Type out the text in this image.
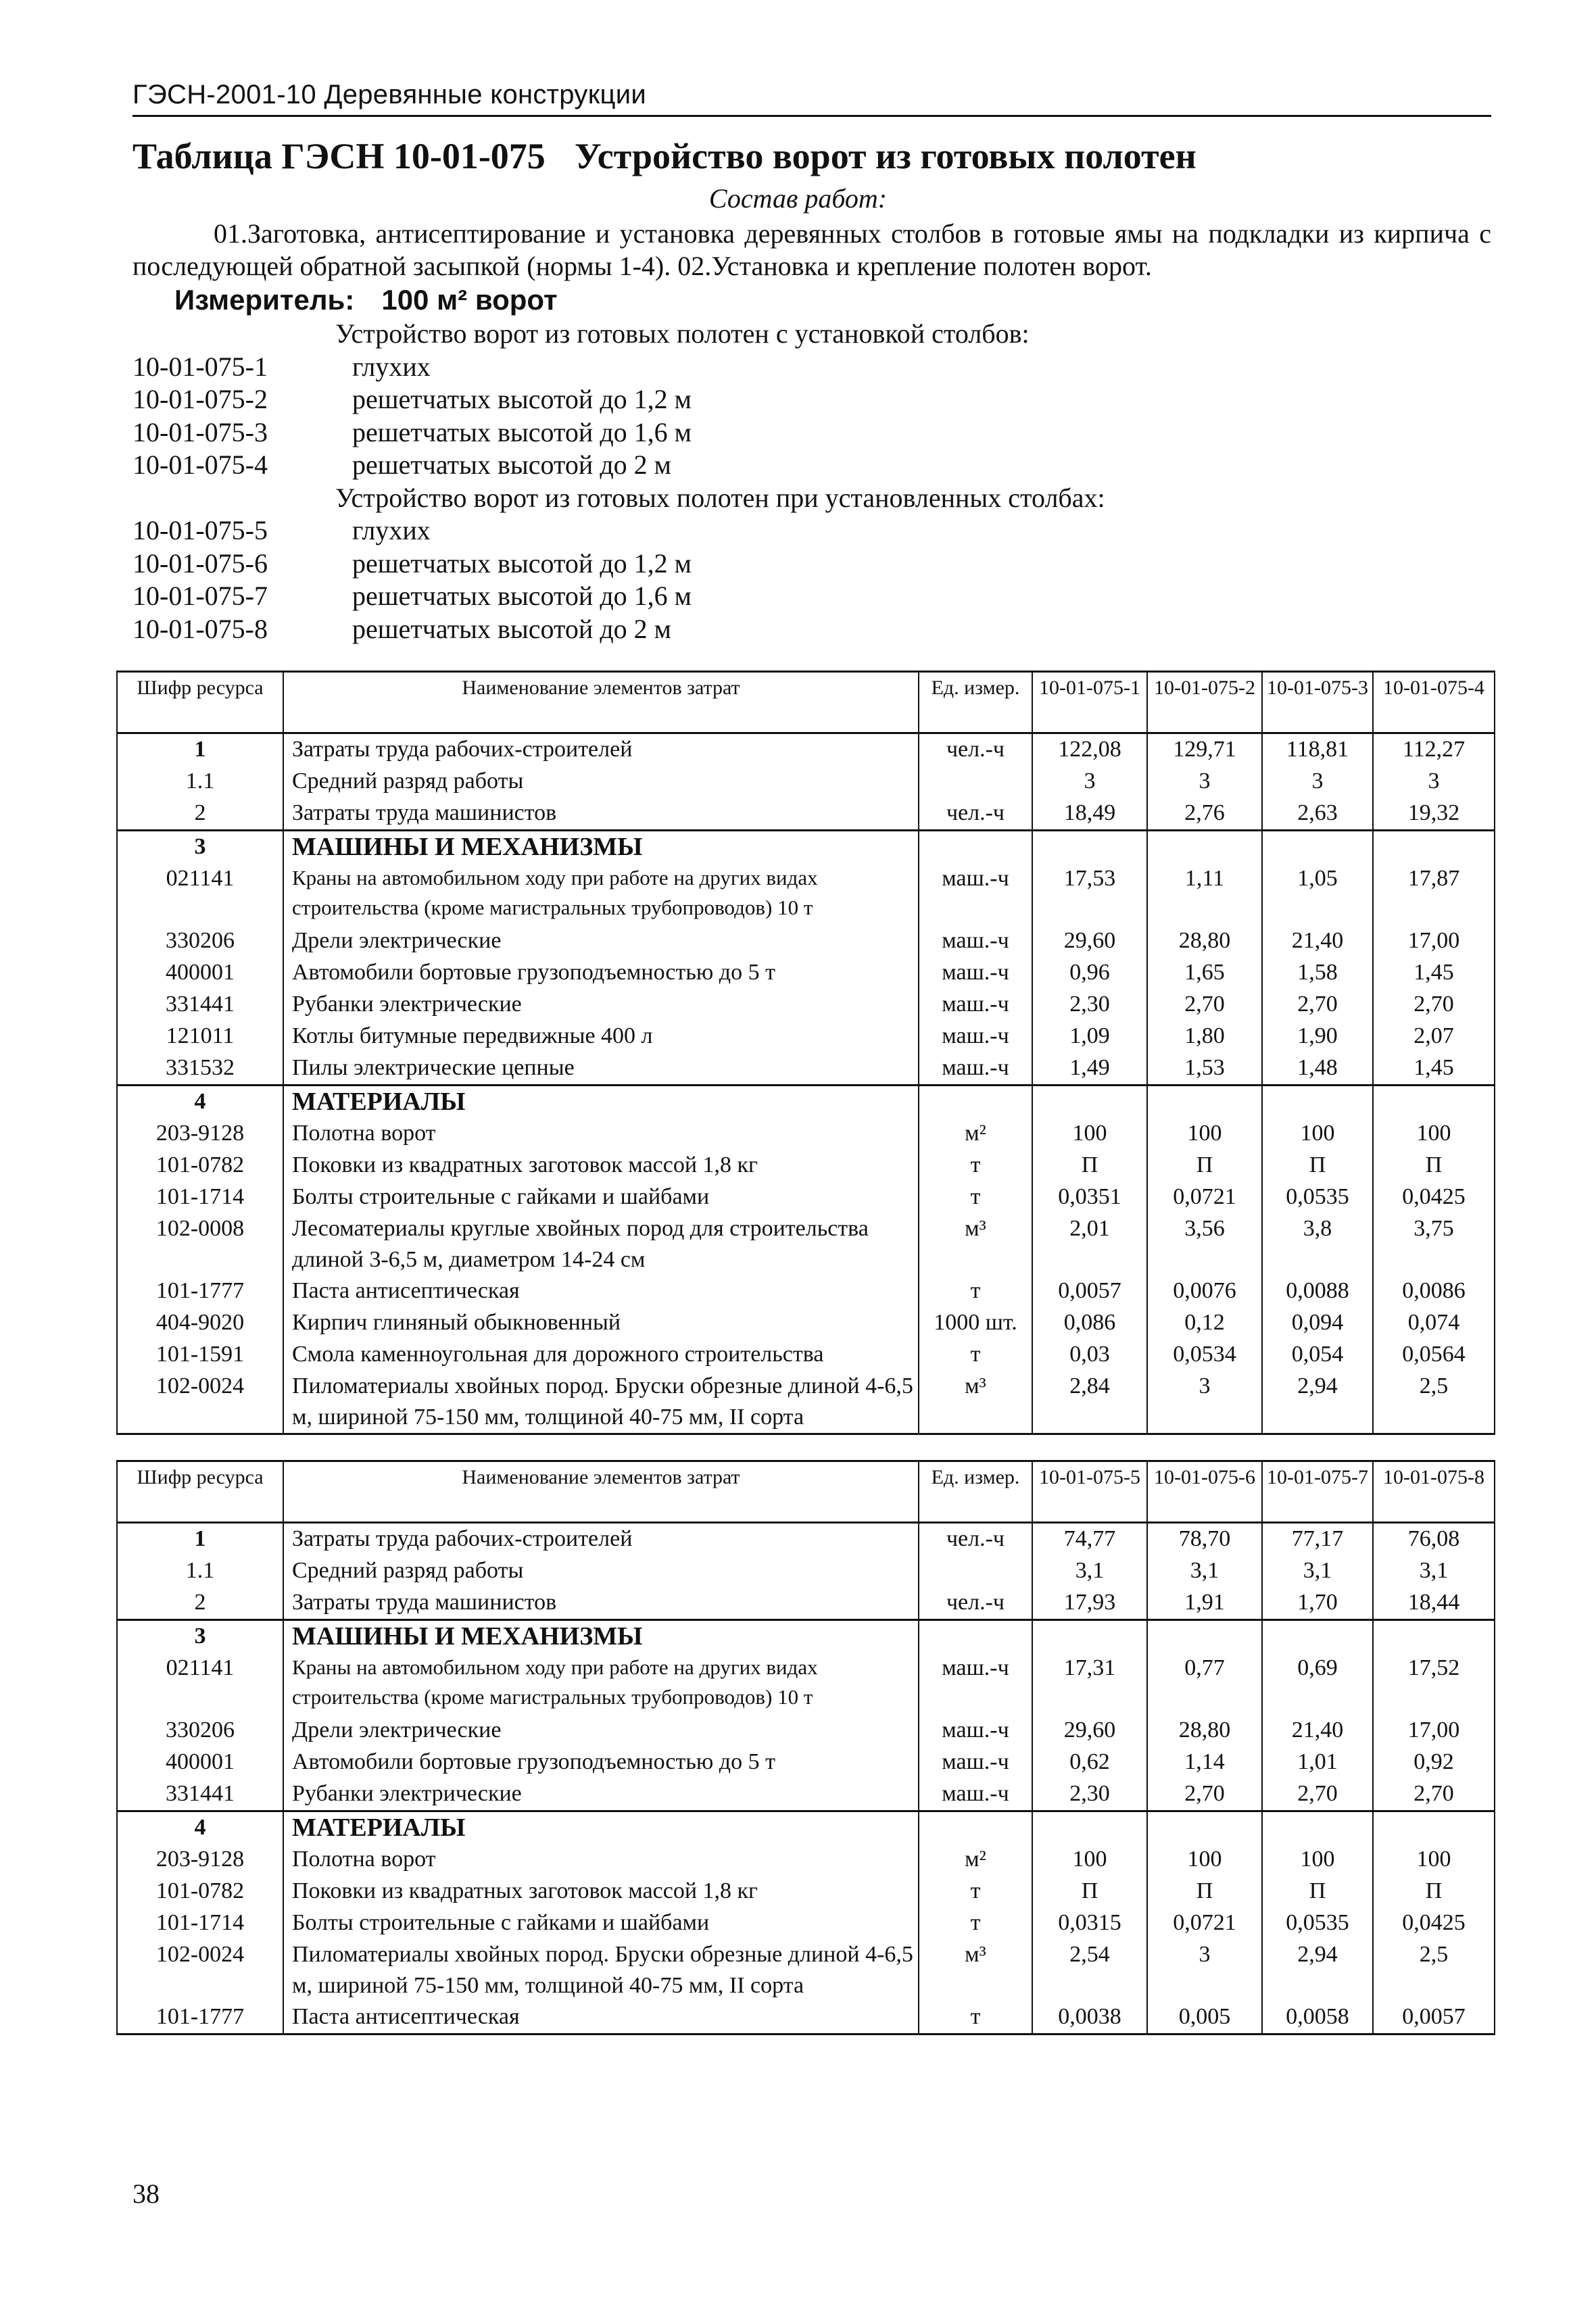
ГЭСН-2001-10 Деревянные конструкции
Таблица ГЭСН 10-01-075 Устройство ворот из готовых полотен
Состав работ:
01.Заготовка, антисептирование и установка деревянных столбов в готовые ямы на подкладки из кирпича с последующей обратной засыпкой (нормы 1-4). 02.Установка и крепление полотен ворот.
Измеритель: 100 м² ворот
Устройство ворот из готовых полотен с установкой столбов:
10-01-075-1	глухих
10-01-075-2	решетчатых высотой до 1,2 м
10-01-075-3	решетчатых высотой до 1,6 м
10-01-075-4	решетчатых высотой до 2 м
Устройство ворот из готовых полотен при установленных столбах:
10-01-075-5	глухих
10-01-075-6	решетчатых высотой до 1,2 м
10-01-075-7	решетчатых высотой до 1,6 м
10-01-075-8	решетчатых высотой до 2 м
Шифр ресурса	Наименование элементов затрат	Ед. измер.	10-01-075-1	10-01-075-2	10-01-075-3	10-01-075-4
1	Затраты труда рабочих-строителей	чел.-ч	122,08	129,71	118,81	112,27
1.1	Средний разряд работы		3	3	3	3
2	Затраты труда машинистов	чел.-ч	18,49	2,76	2,63	19,32
3	МАШИНЫ И МЕХАНИЗМЫ					
021141	Краны на автомобильном ходу при работе на других видах строительства (кроме магистральных трубопроводов) 10 т	маш.-ч	17,53	1,11	1,05	17,87
330206	Дрели электрические	маш.-ч	29,60	28,80	21,40	17,00
400001	Автомобили бортовые грузоподъемностью до 5 т	маш.-ч	0,96	1,65	1,58	1,45
331441	Рубанки электрические	маш.-ч	2,30	2,70	2,70	2,70
121011	Котлы битумные передвижные 400 л	маш.-ч	1,09	1,80	1,90	2,07
331532	Пилы электрические цепные	маш.-ч	1,49	1,53	1,48	1,45
4	МАТЕРИАЛЫ					
203-9128	Полотна ворот	м²	100	100	100	100
101-0782	Поковки из квадратных заготовок массой 1,8 кг	т	П	П	П	П
101-1714	Болты строительные с гайками и шайбами	т	0,0351	0,0721	0,0535	0,0425
102-0008	Лесоматериалы круглые хвойных пород для строительства длиной 3-6,5 м, диаметром 14-24 см	м³	2,01	3,56	3,8	3,75
101-1777	Паста антисептическая	т	0,0057	0,0076	0,0088	0,0086
404-9020	Кирпич глиняный обыкновенный	1000 шт.	0,086	0,12	0,094	0,074
101-1591	Смола каменноугольная для дорожного строительства	т	0,03	0,0534	0,054	0,0564
102-0024	Пиломатериалы хвойных пород. Бруски обрезные длиной 4-6,5 м, шириной 75-150 мм, толщиной 40-75 мм, II сорта	м³	2,84	3	2,94	2,5
Шифр ресурса	Наименование элементов затрат	Ед. измер.	10-01-075-5	10-01-075-6	10-01-075-7	10-01-075-8
1	Затраты труда рабочих-строителей	чел.-ч	74,77	78,70	77,17	76,08
1.1	Средний разряд работы		3,1	3,1	3,1	3,1
2	Затраты труда машинистов	чел.-ч	17,93	1,91	1,70	18,44
3	МАШИНЫ И МЕХАНИЗМЫ					
021141	Краны на автомобильном ходу при работе на других видах строительства (кроме магистральных трубопроводов) 10 т	маш.-ч	17,31	0,77	0,69	17,52
330206	Дрели электрические	маш.-ч	29,60	28,80	21,40	17,00
400001	Автомобили бортовые грузоподъемностью до 5 т	маш.-ч	0,62	1,14	1,01	0,92
331441	Рубанки электрические	маш.-ч	2,30	2,70	2,70	2,70
4	МАТЕРИАЛЫ					
203-9128	Полотна ворот	м²	100	100	100	100
101-0782	Поковки из квадратных заготовок массой 1,8 кг	т	П	П	П	П
101-1714	Болты строительные с гайками и шайбами	т	0,0315	0,0721	0,0535	0,0425
102-0024	Пиломатериалы хвойных пород. Бруски обрезные длиной 4-6,5 м, шириной 75-150 мм, толщиной 40-75 мм, II сорта	м³	2,54	3	2,94	2,5
101-1777	Паста антисептическая	т	0,0038	0,005	0,0058	0,0057
38
